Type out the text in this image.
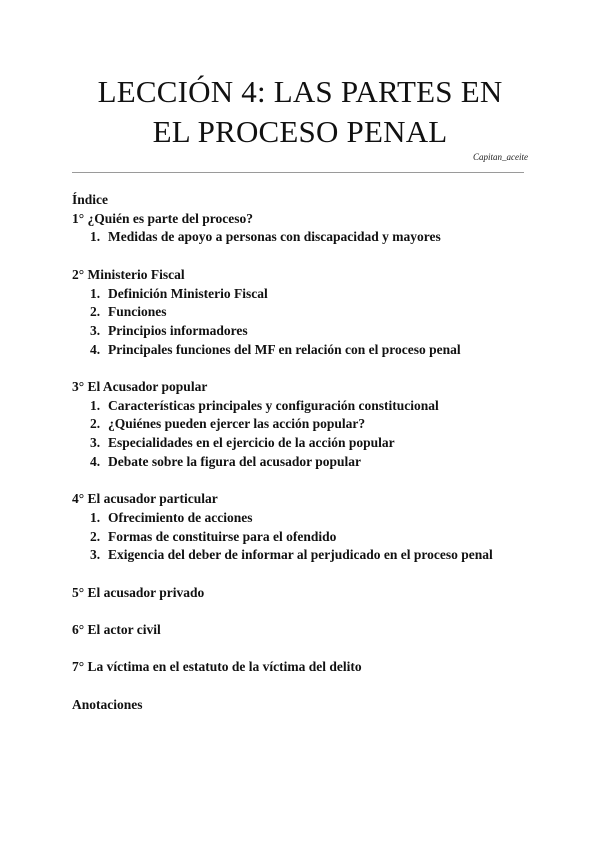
LECCIÓN 4: LAS PARTES EN
EL PROCESO PENAL
Capitan_aceite
Índice
1° ¿Quién es parte del proceso?
1. Medidas de apoyo a personas con discapacidad y mayores
2° Ministerio Fiscal
1. Definición Ministerio Fiscal
2. Funciones
3. Principios informadores
4. Principales funciones del MF en relación con el proceso penal
3° El Acusador popular
1. Características principales y configuración constitucional
2. ¿Quiénes pueden ejercer las acción popular?
3. Especialidades en el ejercicio de la acción popular
4. Debate sobre la figura del acusador popular
4° El acusador particular
1. Ofrecimiento de acciones
2. Formas de constituirse para el ofendido
3. Exigencia del deber de informar al perjudicado en el proceso penal
5° El acusador privado
6° El actor civil
7° La víctima en el estatuto de la víctima del delito
Anotaciones
